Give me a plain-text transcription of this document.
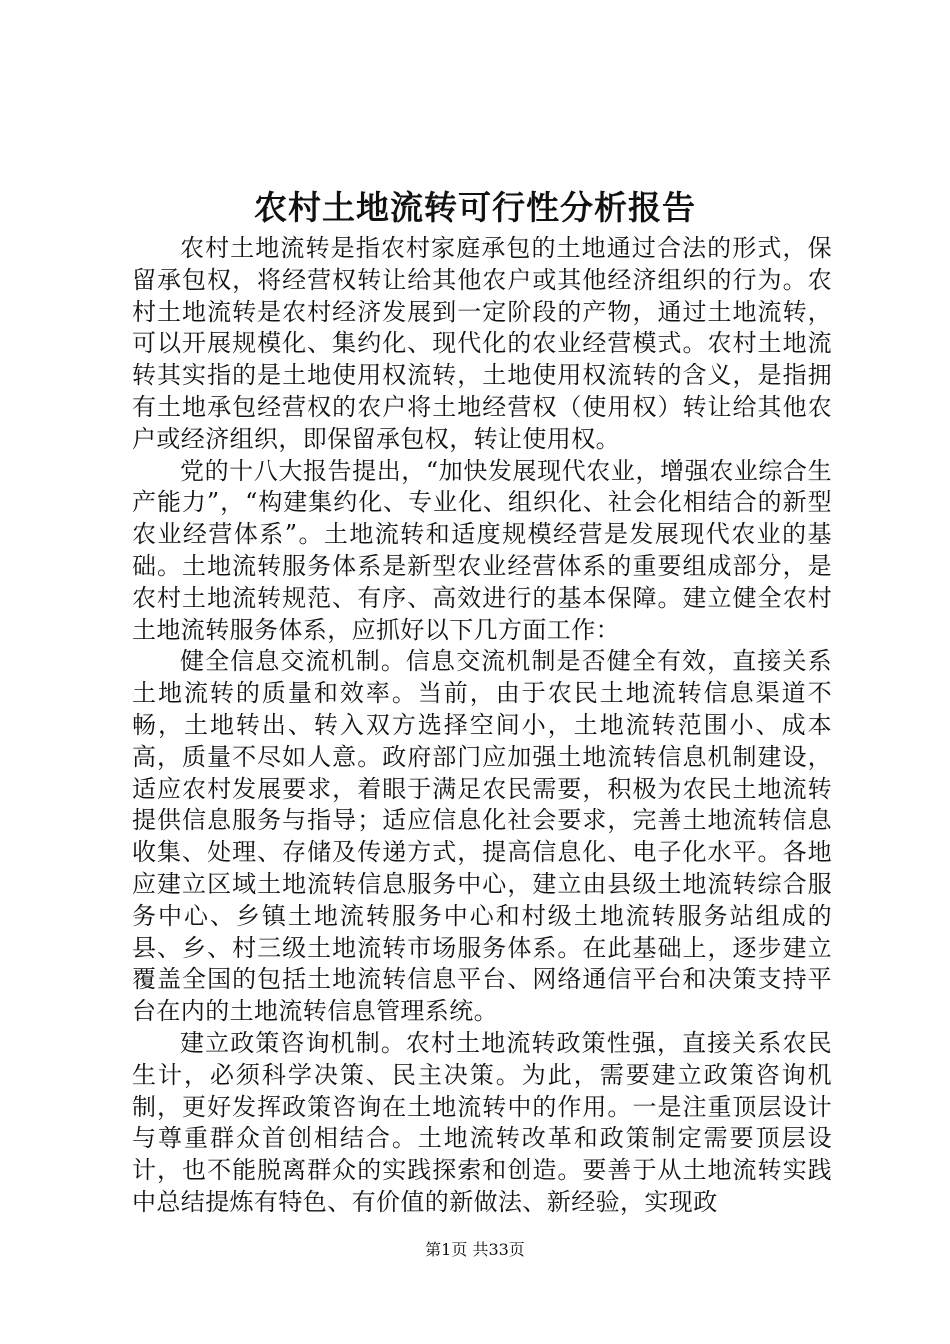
农村土地流转可行性分析报告

农村土地流转是指农村家庭承包的土地通过合法的形式，保留承包权，将经营权转让给其他农户或其他经济组织的行为。农村土地流转是农村经济发展到一定阶段的产物，通过土地流转，可以开展规模化、集约化、现代化的农业经营模式。农村土地流转其实指的是土地使用权流转，土地使用权流转的含义，是指拥有土地承包经营权的农户将土地经营权（使用权）转让给其他农户或经济组织，即保留承包权，转让使用权。

党的十八大报告提出，“加快发展现代农业，增强农业综合生产能力”，“构建集约化、专业化、组织化、社会化相结合的新型农业经营体系”。土地流转和适度规模经营是发展现代农业的基础。土地流转服务体系是新型农业经营体系的重要组成部分，是农村土地流转规范、有序、高效进行的基本保障。建立健全农村土地流转服务体系，应抓好以下几方面工作：

健全信息交流机制。信息交流机制是否健全有效，直接关系土地流转的质量和效率。当前，由于农民土地流转信息渠道不畅，土地转出、转入双方选择空间小，土地流转范围小、成本高，质量不尽如人意。政府部门应加强土地流转信息机制建设，适应农村发展要求，着眼于满足农民需要，积极为农民土地流转提供信息服务与指导；适应信息化社会要求，完善土地流转信息收集、处理、存储及传递方式，提高信息化、电子化水平。各地应建立区域土地流转信息服务中心，建立由县级土地流转综合服务中心、乡镇土地流转服务中心和村级土地流转服务站组成的县、乡、村三级土地流转市场服务体系。在此基础上，逐步建立覆盖全国的包括土地流转信息平台、网络通信平台和决策支持平台在内的土地流转信息管理系统。

建立政策咨询机制。农村土地流转政策性强，直接关系农民生计，必须科学决策、民主决策。为此，需要建立政策咨询机制，更好发挥政策咨询在土地流转中的作用。一是注重顶层设计与尊重群众首创相结合。土地流转改革和政策制定需要顶层设计，也不能脱离群众的实践探索和创造。要善于从土地流转实践中总结提炼有特色、有价值的新做法、新经验，实现政

第1页 共33页
